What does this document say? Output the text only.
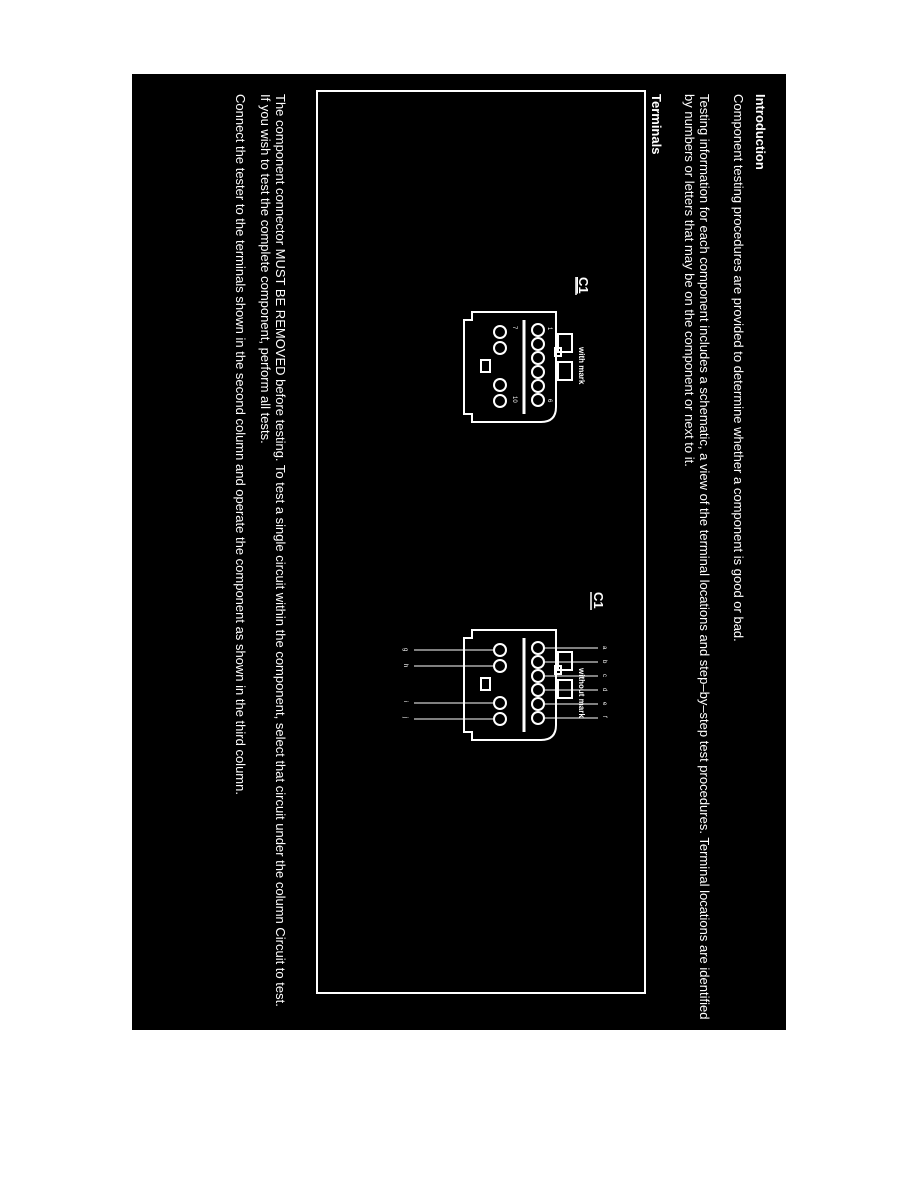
Introduction
Component testing procedures are provided to determine whether a component is good or bad.
Testing information for each component includes a schematic, a view of the terminal locations and step–by–step test procedures. Terminal locations are identified by numbers or letters that may be on the component or next to it.
Terminals
C1
with mark
1
6
7
10
C1
without mark
a
b
c
d
e
f
g
h
i
j
The component connector MUST BE REMOVED before testing. To test a single circuit within the component, select that circuit under the column Circuit to test. If you wish to test the complete component, perform all tests.
Connect the tester to the terminals shown in the second column and operate the component as shown in the third column.
